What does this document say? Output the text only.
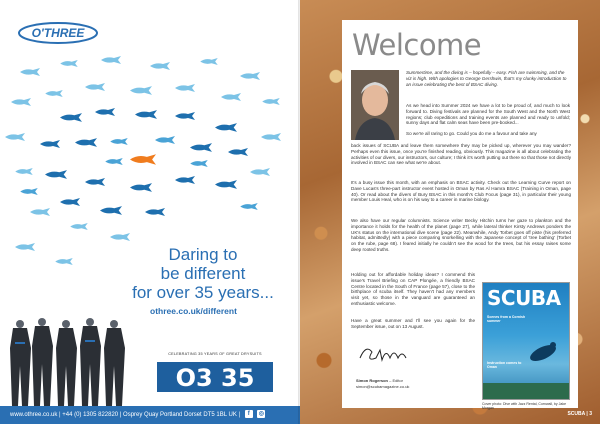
O'THREE
Daring to
be different
for over 35 years...
othree.co.uk/different
CELEBRATING 35 YEARS OF GREAT DRYSUITS
O3 35
www.othree.co.uk | +44 (0) 1305 822820 | Osprey Quay Portland Dorset DT5 1BL UK |	f
	◎
Welcome
Summertime, and the diving is – hopefully – easy. Fish are swimming, and the viz is high. With apologies to George Gershwin, that's my clunky introduction to an issue celebrating the best of BSAC diving.
As we head into Summer 2024 we have a lot to be proud of, and much to look forward to. Diving festivals are planned for the South West and the North West regions; club expeditions and training events are planned and ready to unfold; sunny days and flat calm seas have been pre-booked...
So we're all raring to go. Could you do me a favour and take any
back issues of SCUBA and leave them somewhere they may be picked up, wherever you may wander? Perhaps even this issue, once you're finished reading, obviously. This magazine is all about celebrating the activities of our divers, our instructors, our culture; I think it's worth putting out there so that those not directly involved in BSAC can see what we're about.
It's a busy issue this month, with an emphasis on BSAC activity. Check out the Learning Curve report on Dave Lucas's three-part instructor event hosted in Oman by Ras Al Hamra BSAC (Training in Oman, page 40). Or read about the divers of Bury BSAC in this month's Club Focus (page 31), in particular their young member Louis Heal, who is on his way to a career in marine biology.
We also have our regular columnists. Science writer Becky Hitchin turns her gaze to plankton and the importance it holds for the health of the planet (page 27), while lateral thinker Kirsty Andrews ponders the UK's status on the international dive scene (page 22). Meanwhile, Andy Torbet goes off piste (his preferred habitat, admittedly) with a piece comparing snorkelling with the Japanese concept of 'tree bathing' (Torbet on the rube, page 68). I feared initially he couldn't see the wood for the trees, but his essay raises some deep rooted truths.
Holding out for affordable holiday ideas? I commend this issue's Travel Briefing on CAP Plongée, a friendly BSAC Centre located in the South of France (page 57), close to the birthplace of scuba itself. They haven't had any members visit yet, so those in the vanguard are guaranteed an enthusiastic welcome.
Have a great summer and I'll see you again for the September issue, out on 13 August.
Simon Rogerson – Editor
simon@scubamagazine.co.uk
SCUBA
Scenes from a Cornish summer
Instruction comes to Oman
Cover photo: Dive with Jazz Rental, Cornwall, by Jake Morgan
SCUBA | 3
